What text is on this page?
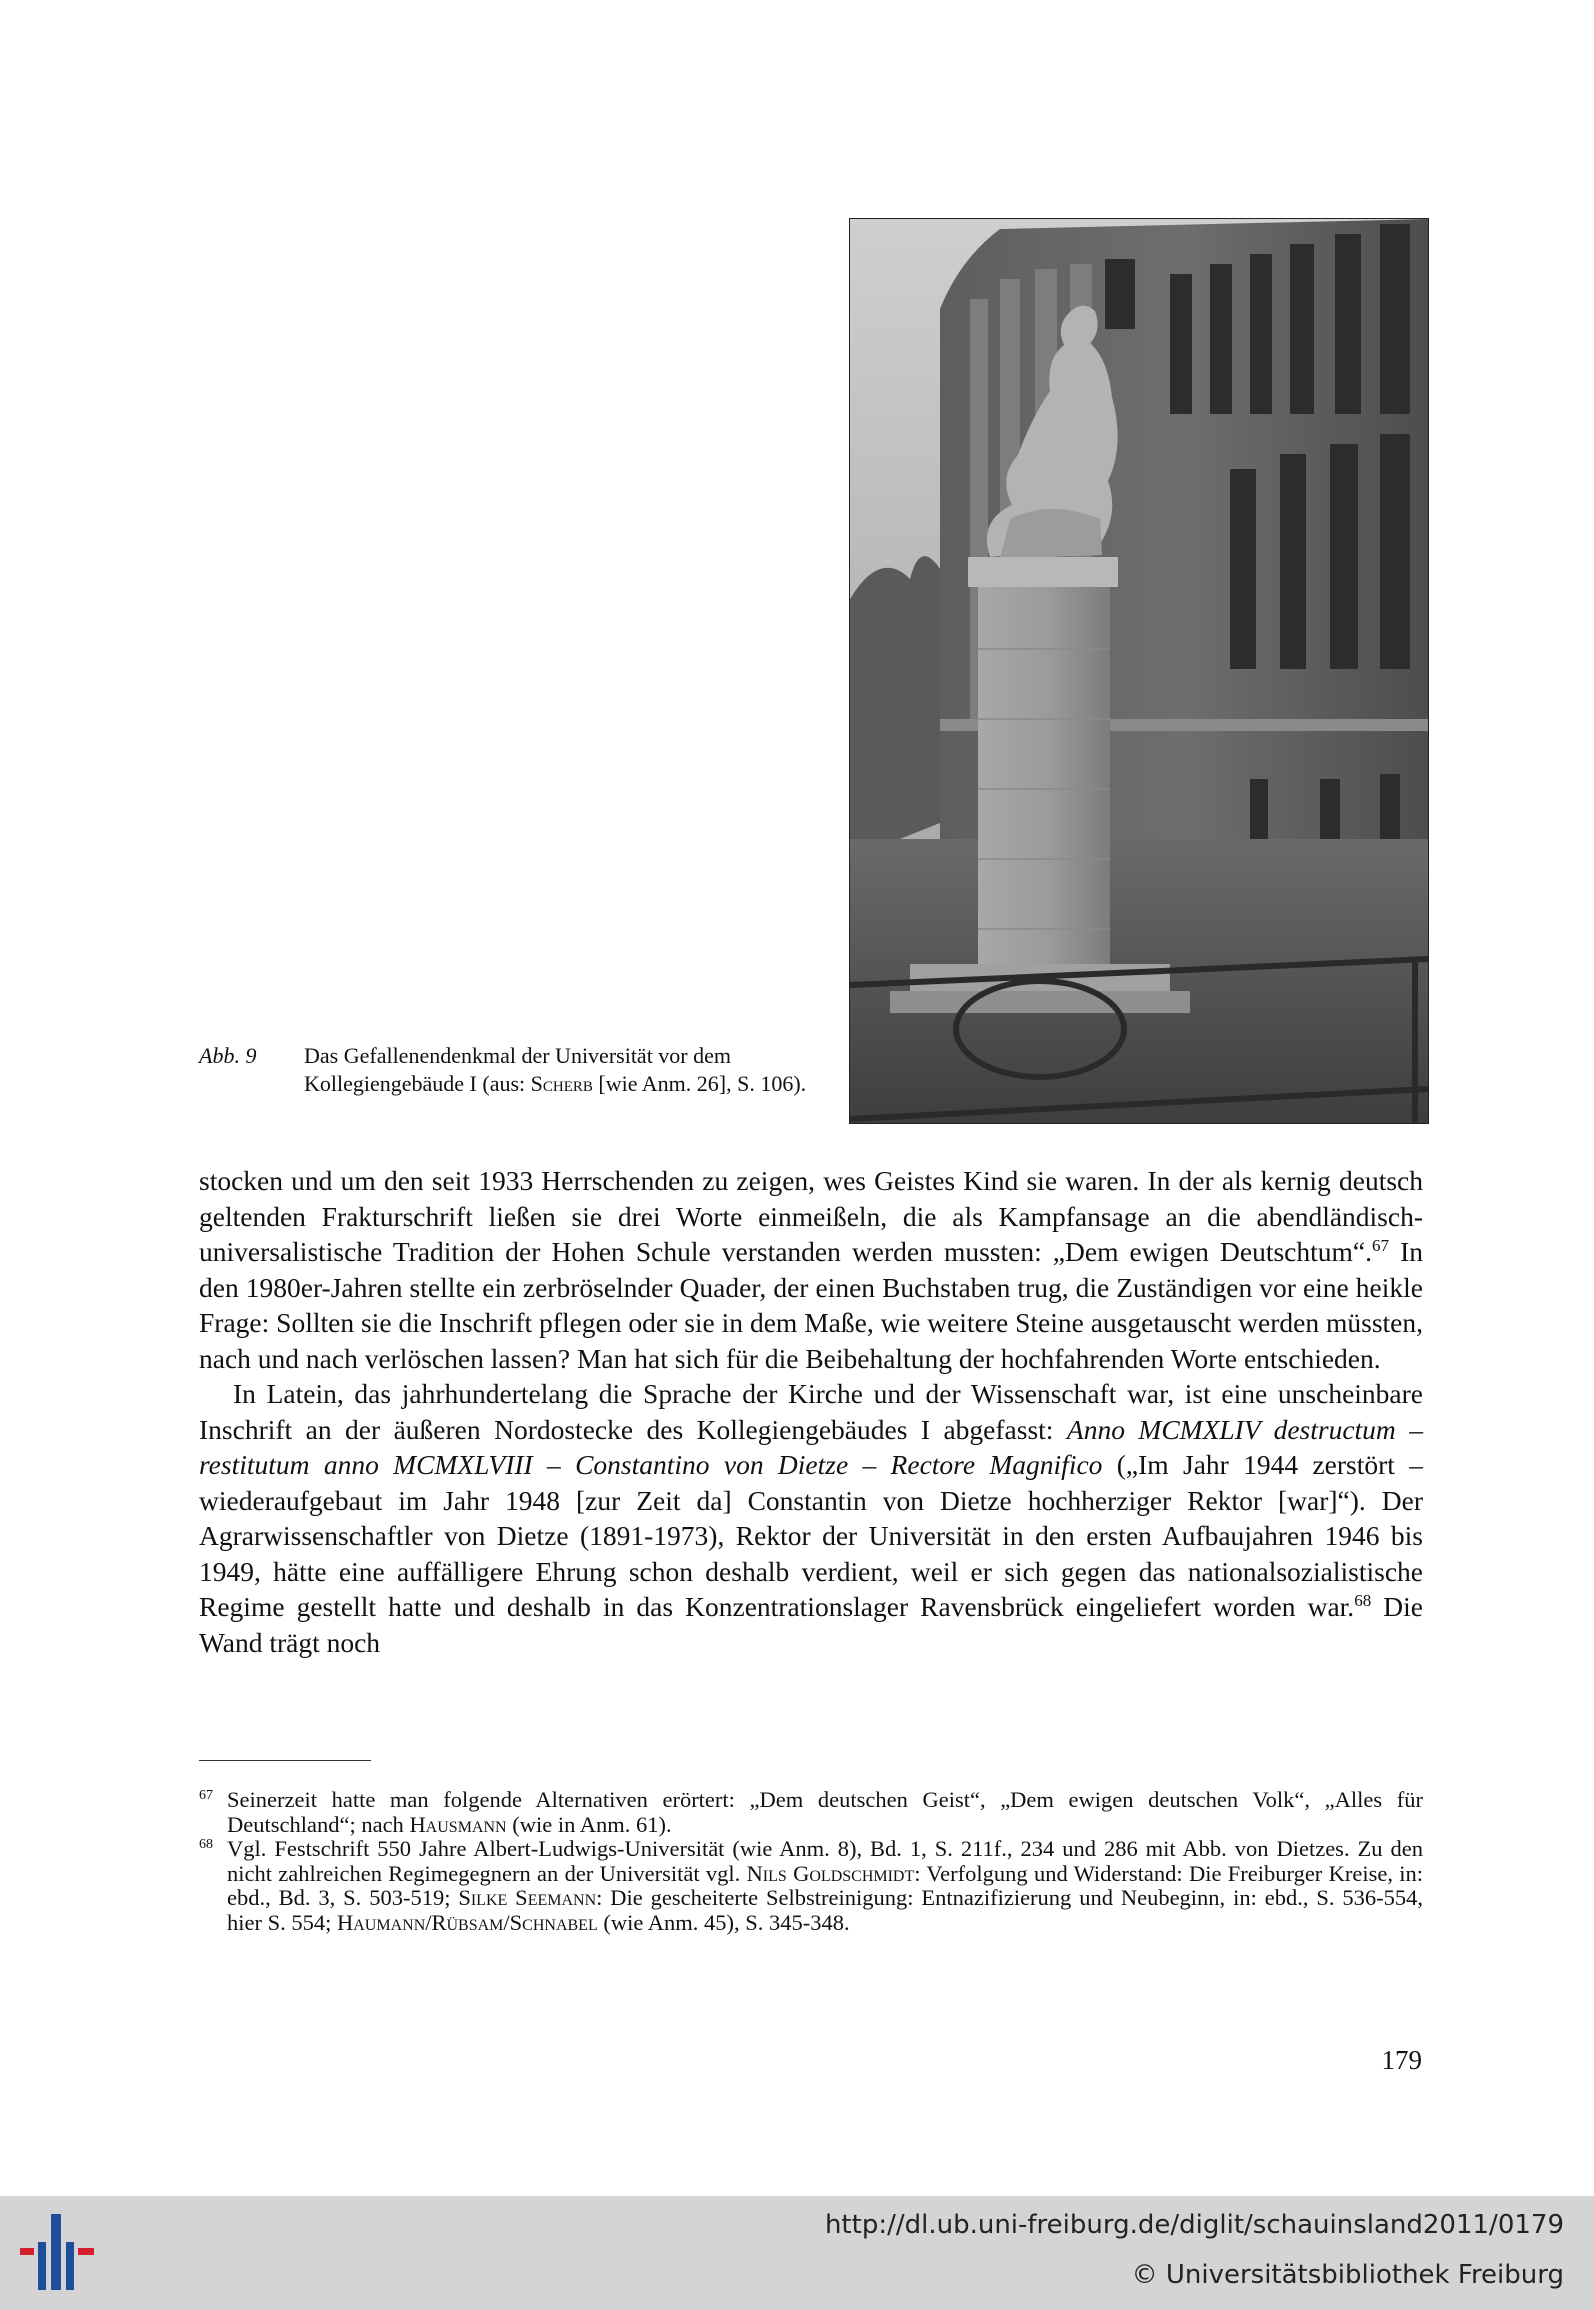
Abb. 9 Das Gefallenendenkmal der Universität vor dem Kollegiengebäude I (aus: Scherb [wie Anm. 26], S. 106).

stocken und um den seit 1933 Herrschenden zu zeigen, wes Geistes Kind sie waren. In der als kernig deutsch geltenden Frakturschrift ließen sie drei Worte einmeißeln, die als Kampfansage an die abendländisch-universalistische Tradition der Hohen Schule verstanden werden mussten: „Dem ewigen Deutschtum“.$^{67}$ In den 1980er-Jahren stellte ein zerbröselnder Quader, der einen Buchstaben trug, die Zuständigen vor eine heikle Frage: Sollten sie die Inschrift pflegen oder sie in dem Maße, wie weitere Steine ausgetauscht werden müssten, nach und nach verlöschen lassen? Man hat sich für die Beibehaltung der hochfahrenden Worte entschieden.

In Latein, das jahrhundertelang die Sprache der Kirche und der Wissenschaft war, ist eine unscheinbare Inschrift an der äußeren Nordostecke des Kollegiengebäudes I abgefasst: Anno MCMXLIV destructum – restitutum anno MCMXLVIII – Constantino von Dietze – Rectore Magnifico („Im Jahr 1944 zerstört – wiederaufgebaut im Jahr 1948 [zur Zeit da] Constantin von Dietze hochherziger Rektor [war]“). Der Agrarwissenschaftler von Dietze (1891-1973), Rektor der Universität in den ersten Aufbaujahren 1946 bis 1949, hätte eine auffälligere Ehrung schon deshalb verdient, weil er sich gegen das nationalsozialistische Regime gestellt hatte und deshalb in das Konzentrationslager Ravensbrück eingeliefert worden war.$^{68}$ Die Wand trägt noch

67 Seinerzeit hatte man folgende Alternativen erörtert: „Dem deutschen Geist“, „Dem ewigen deutschen Volk“, „Alles für Deutschland“; nach Hausmann (wie in Anm. 61).

68 Vgl. Festschrift 550 Jahre Albert-Ludwigs-Universität (wie Anm. 8), Bd. 1, S. 211f., 234 und 286 mit Abb. von Dietzes. Zu den nicht zahlreichen Regimegegnern an der Universität vgl. Nils Goldschmidt: Verfolgung und Widerstand: Die Freiburger Kreise, in: ebd., Bd. 3, S. 503-519; Silke Seemann: Die gescheiterte Selbstreinigung: Entnazifizierung und Neubeginn, in: ebd., S. 536-554, hier S. 554; Haumann/Rübsam/Schnabel (wie Anm. 45), S. 345-348.

179
http://dl.ub.uni-freiburg.de/diglit/schauinsland2011/0179
© Universitätsbibliothek Freiburg
